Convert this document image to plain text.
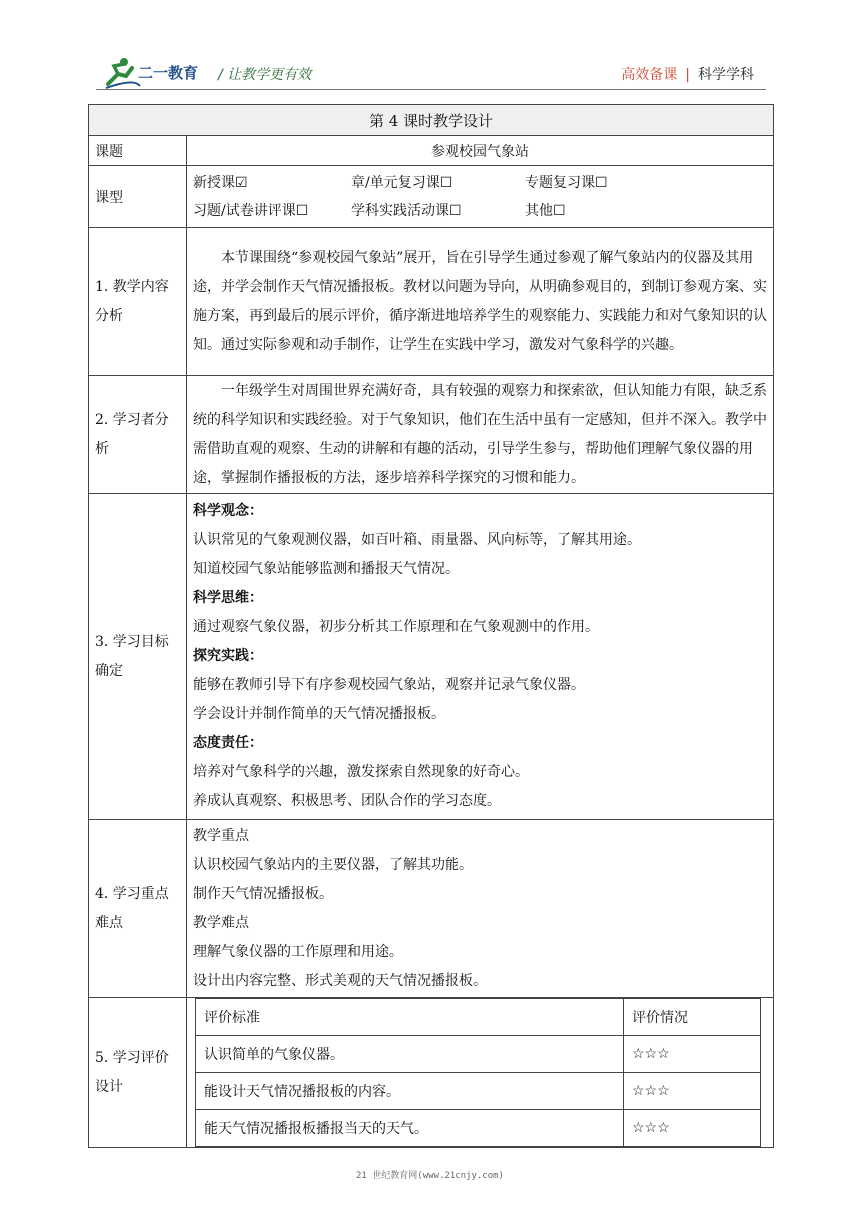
二一教育 / 让教学更有效	高效备课 | 科学学科
第 4 课时教学设计
课题	参观校园气象站
课型	
新授课☑	章/单元复习课☐	专题复习课☐
习题/试卷讲评课☐	学科实践活动课☐	其他☐

1. 教学内容分析	本节课围绕“参观校园气象站”展开，旨在引导学生通过参观了解气象站内的仪器及其用途，并学会制作天气情况播报板。教材以问题为导向，从明确参观目的，到制订参观方案、实施方案，再到最后的展示评价，循序渐进地培养学生的观察能力、实践能力和对气象知识的认知。通过实际参观和动手制作，让学生在实践中学习，激发对气象科学的兴趣。
2. 学习者分析	一年级学生对周围世界充满好奇，具有较强的观察力和探索欲，但认知能力有限，缺乏系统的科学知识和实践经验。对于气象知识，他们在生活中虽有一定感知，但并不深入。教学中需借助直观的观察、生动的讲解和有趣的活动，引导学生参与，帮助他们理解气象仪器的用途，掌握制作播报板的方法，逐步培养科学探究的习惯和能力。
3. 学习目标确定	
科学观念：
认识常见的气象观测仪器，如百叶箱、雨量器、风向标等，了解其用途。
知道校园气象站能够监测和播报天气情况。
科学思维：
通过观察气象仪器，初步分析其工作原理和在气象观测中的作用。
探究实践：
能够在教师引导下有序参观校园气象站，观察并记录气象仪器。
学会设计并制作简单的天气情况播报板。
态度责任：
培养对气象科学的兴趣，激发探索自然现象的好奇心。
养成认真观察、积极思考、团队合作的学习态度。

4. 学习重点难点	
教学重点
认识校园气象站内的主要仪器，了解其功能。
制作天气情况播报板。
教学难点
理解气象仪器的工作原理和用途。
设计出内容完整、形式美观的天气情况播报板。

5. 学习评价设计	
评价标准	评价情况
认识简单的气象仪器。	☆☆☆
能设计天气情况播报板的内容。	☆☆☆
能天气情况播报板播报当天的天气。	☆☆☆
21 世纪教育网(www.21cnjy.com)
